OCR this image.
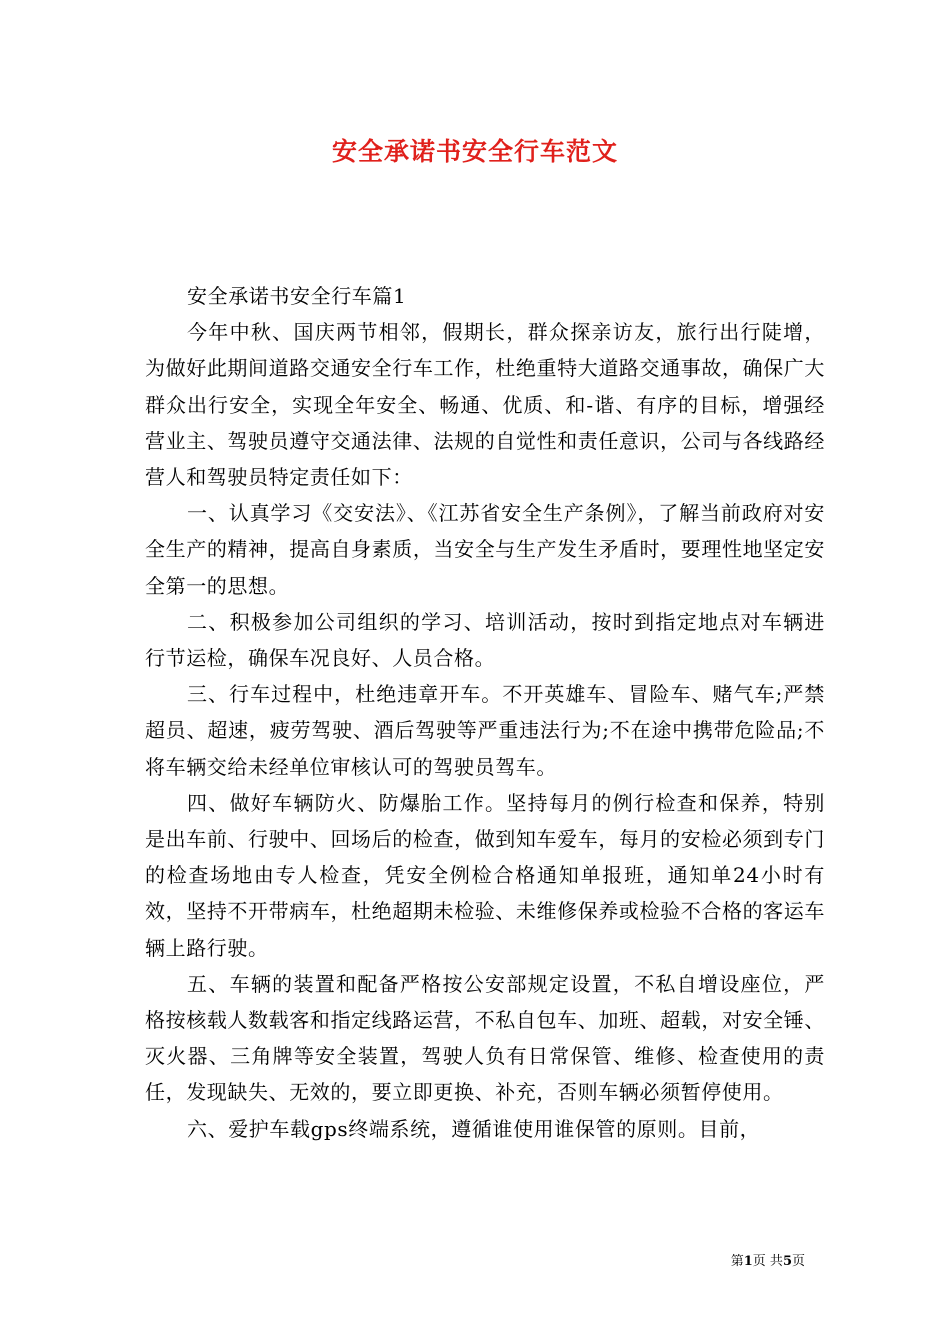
安全承诺书安全行车范文

安全承诺书安全行车篇1

今年中秋、国庆两节相邻，假期长，群众探亲访友，旅行出行陡增，为做好此期间道路交通安全行车工作，杜绝重特大道路交通事故，确保广大群众出行安全，实现全年安全、畅通、优质、和-谐、有序的目标，增强经营业主、驾驶员遵守交通法律、法规的自觉性和责任意识，公司与各线路经营人和驾驶员特定责任如下：

一、认真学习《交安法》、《江苏省安全生产条例》，了解当前政府对安全生产的精神，提高自身素质，当安全与生产发生矛盾时，要理性地坚定安全第一的思想。

二、积极参加公司组织的学习、培训活动，按时到指定地点对车辆进行节运检，确保车况良好、人员合格。

三、行车过程中，杜绝违章开车。不开英雄车、冒险车、赌气车;严禁超员、超速，疲劳驾驶、酒后驾驶等严重违法行为;不在途中携带危险品;不将车辆交给未经单位审核认可的驾驶员驾车。

四、做好车辆防火、防爆胎工作。坚持每月的例行检查和保养，特别是出车前、行驶中、回场后的检查，做到知车爱车，每月的安检必须到专门的检查场地由专人检查，凭安全例检合格通知单报班，通知单24小时有效，坚持不开带病车，杜绝超期未检验、未维修保养或检验不合格的客运车辆上路行驶。

五、车辆的装置和配备严格按公安部规定设置，不私自增设座位，严格按核载人数载客和指定线路运营，不私自包车、加班、超载，对安全锤、灭火器、三角牌等安全装置，驾驶人负有日常保管、维修、检查使用的责任，发现缺失、无效的，要立即更换、补充，否则车辆必须暂停使用。

六、爱护车载gps终端系统，遵循谁使用谁保管的原则。目前，

第1页 共5页
